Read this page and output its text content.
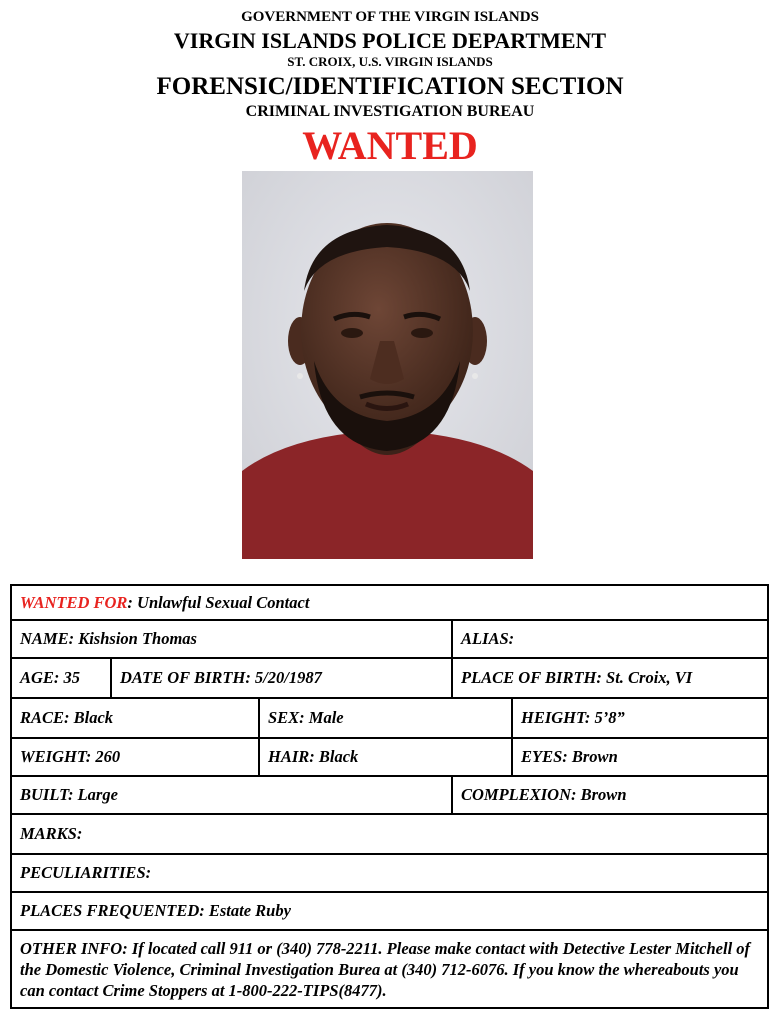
GOVERNMENT OF THE VIRGIN ISLANDS
VIRGIN ISLANDS POLICE DEPARTMENT
ST. CROIX, U.S. VIRGIN ISLANDS
FORENSIC/IDENTIFICATION SECTION
CRIMINAL INVESTIGATION BUREAU
WANTED
WANTED FOR: Unlawful Sexual Contact				
NAME: Kishsion Thomas			ALIAS:	
AGE: 35	DATE OF BIRTH: 5/20/1987		PLACE OF BIRTH: St. Croix, VI	
RACE: Black		SEX: Male		HEIGHT: 5’8”
WEIGHT: 260		HAIR: Black		EYES: Brown
BUILT: Large			COMPLEXION: Brown	
MARKS:				
PECULIARITIES:				
PLACES FREQUENTED: Estate Ruby				
OTHER INFO: If located call 911 or (340) 778-2211. Please make contact with Detective Lester Mitchell of the Domestic Violence, Criminal Investigation Burea at (340) 712-6076. If you know the whereabouts you can contact Crime Stoppers at 1-800-222-TIPS(8477).				
